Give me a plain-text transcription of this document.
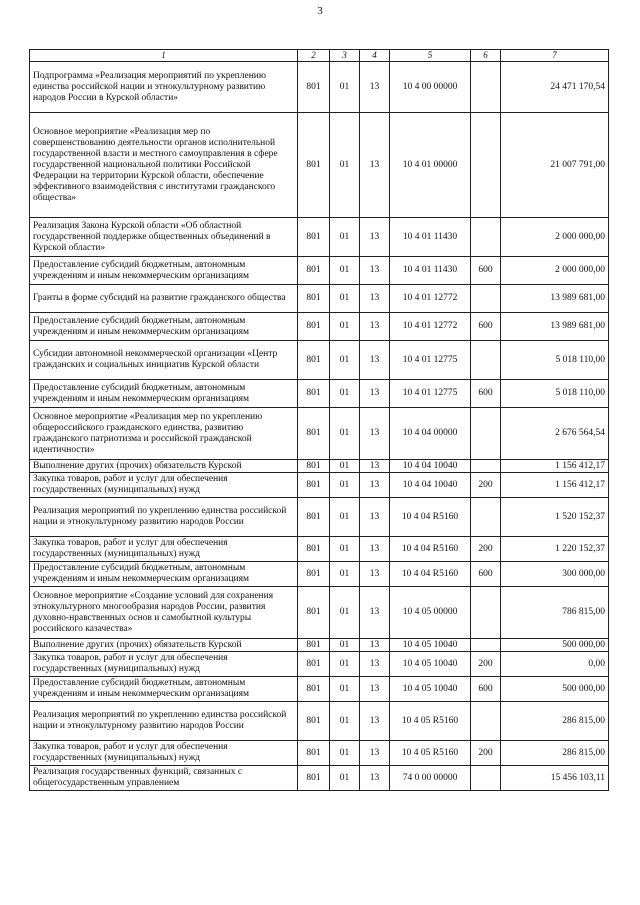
3
1	2	3	4	5	6	7
Подпрограмма «Реализация мероприятий по укреплению единства российской нации и этнокультурному развитию народов России в Курской области»	801	01	13	10 4 00 00000		24 471 170,54
Основное мероприятие «Реализация мер по совершенствованию деятельности органов исполнительной государственной власти и местного самоуправления в сфере государственной национальной политики Российской Федерации на территории Курской области, обеспечение эффективного взаимодействия с институтами гражданского общества»	801	01	13	10 4 01 00000		21 007 791,00
Реализация Закона Курской области «Об областной государственной поддержке общественных объединений в Курской области»	801	01	13	10 4 01 11430		2 000 000,00
Предоставление субсидий бюджетным, автономным учреждениям и иным некоммерческим организациям	801	01	13	10 4 01 11430	600	2 000 000,00
Гранты в форме субсидий на развитие гражданского общества	801	01	13	10 4 01 12772		13 989 681,00
Предоставление субсидий бюджетным, автономным учреждениям и иным некоммерческим организациям	801	01	13	10 4 01 12772	600	13 989 681,00
Субсидии автономной некоммерческой организации «Центр гражданских и социальных инициатив Курской области	801	01	13	10 4 01 12775		5 018 110,00
Предоставление субсидий бюджетным, автономным учреждениям и иным некоммерческим организациям	801	01	13	10 4 01 12775	600	5 018 110,00
Основное мероприятие «Реализация мер по укреплению общероссийского гражданского единства, развитию гражданского патриотизма и российской гражданской идентичности»	801	01	13	10 4 04 00000		2 676 564,54
Выполнение других (прочих) обязательств Курской	801	01	13	10 4 04 10040		1 156 412,17
Закупка товаров, работ и услуг для обеспечения государственных (муниципальных) нужд	801	01	13	10 4 04 10040	200	1 156 412,17
Реализация мероприятий по укреплению единства российской нации и этнокультурному развитию народов России	801	01	13	10 4 04 R5160		1 520 152,37
Закупка товаров, работ и услуг для обеспечения государственных (муниципальных) нужд	801	01	13	10 4 04 R5160	200	1 220 152,37
Предоставление субсидий бюджетным, автономным учреждениям и иным некоммерческим организациям	801	01	13	10 4 04 R5160	600	300 000,00
Основное мероприятие «Создание условий для сохранения этнокультурного многообразия народов России, развития духовно-нравственных основ и самобытной культуры российского казачества»	801	01	13	10 4 05 00000		786 815,00
Выполнение других (прочих) обязательств Курской	801	01	13	10 4 05 10040		500 000,00
Закупка товаров, работ и услуг для обеспечения государственных (муниципальных) нужд	801	01	13	10 4 05 10040	200	0,00
Предоставление субсидий бюджетным, автономным учреждениям и иным некоммерческим организациям	801	01	13	10 4 05 10040	600	500 000,00
Реализация мероприятий по укреплению единства российской нации и этнокультурному развитию народов России	801	01	13	10 4 05 R5160		286 815,00
Закупка товаров, работ и услуг для обеспечения государственных (муниципальных) нужд	801	01	13	10 4 05 R5160	200	286 815,00
Реализация государственных функций, связанных с общегосударственным управлением	801	01	13	74 0 00 00000		15 456 103,11
